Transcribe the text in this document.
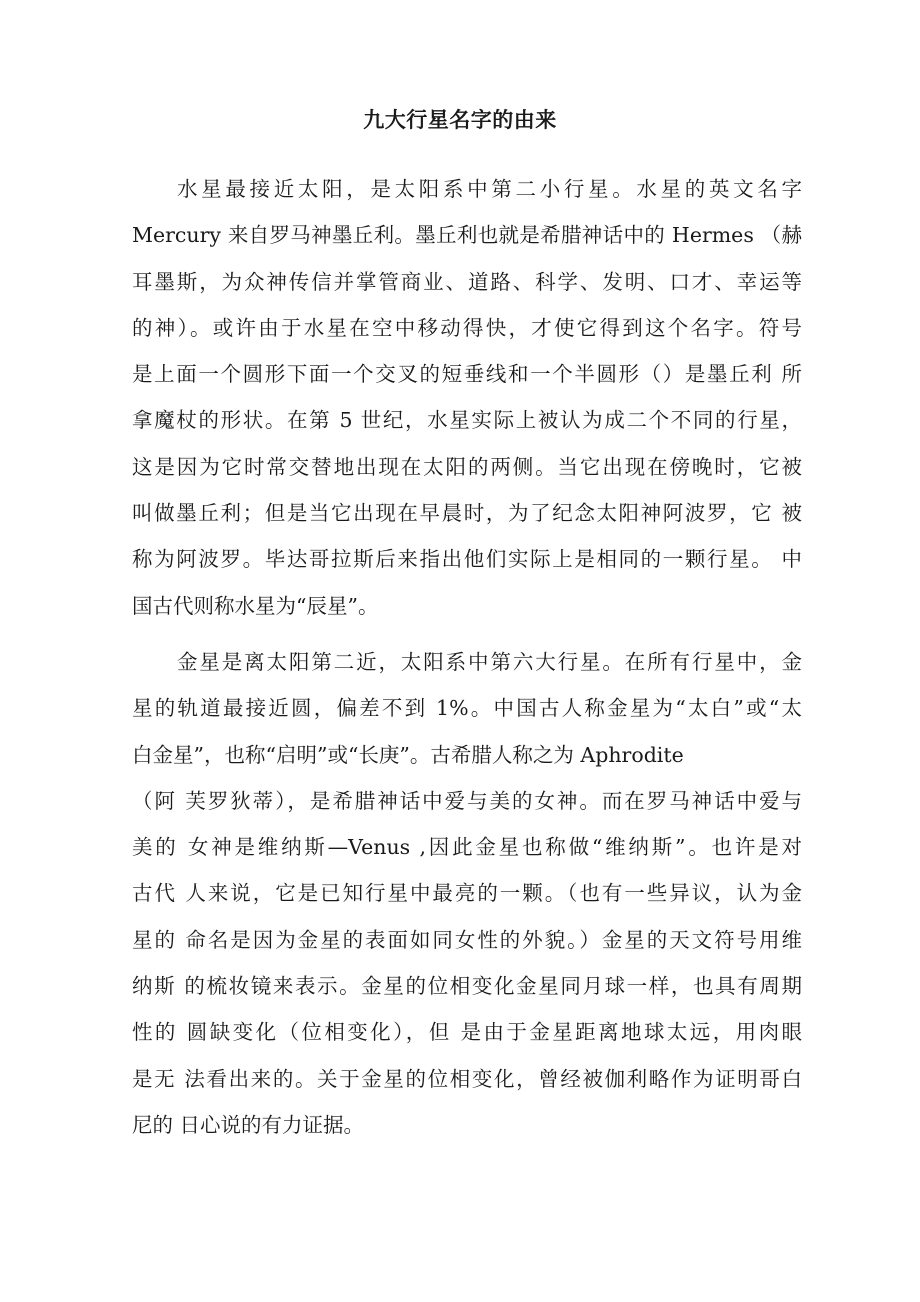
九大行星名字的由来
水星最接近太阳，是太阳系中第二小行星。水星的英文名字
Mercury 来自罗马神墨丘利。墨丘利也就是希腊神话中的 Hermes （赫
耳墨斯，为众神传信并掌管商业、道路、科学、发明、口才、幸运等
的神）。或许由于水星在空中移动得快，才使它得到这个名字。符号
是上面一个圆形下面一个交叉的短垂线和一个半圆形（）是墨丘利 所
拿魔杖的形状。在第 5 世纪，水星实际上被认为成二个不同的行星，
这是因为它时常交替地出现在太阳的两侧。当它出现在傍晚时，它被
叫做墨丘利；但是当它出现在早晨时，为了纪念太阳神阿波罗，它 被
称为阿波罗。毕达哥拉斯后来指出他们实际上是相同的一颗行星。 中
国古代则称水星为“辰星”。
金星是离太阳第二近，太阳系中第六大行星。在所有行星中，金
星的轨道最接近圆，偏差不到 1%。中国古人称金星为“太白”或“太
白金星”，也称“启明”或“长庚”。古希腊人称之为 Aphrodite
（阿 芙罗狄蒂），是希腊神话中爱与美的女神。而在罗马神话中爱与
美的 女神是维纳斯—Venus ,因此金星也称做“维纳斯”。也许是对
古代 人来说，它是已知行星中最亮的一颗。（也有一些异议，认为金
星的 命名是因为金星的表面如同女性的外貌。）金星的天文符号用维
纳斯 的梳妆镜来表示。金星的位相变化金星同月球一样，也具有周期
性的 圆缺变化（位相变化），但 是由于金星距离地球太远，用肉眼
是无 法看出来的。关于金星的位相变化，曾经被伽利略作为证明哥白
尼的 日心说的有力证据。
